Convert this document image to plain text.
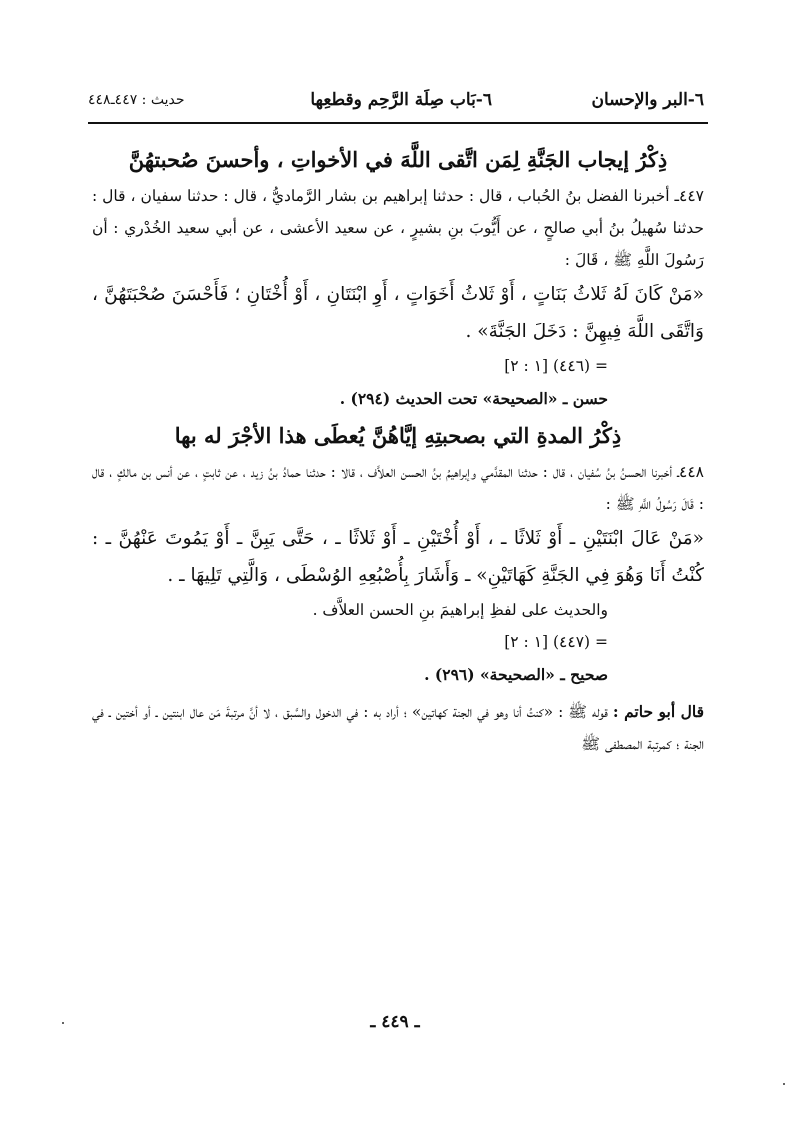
٦-البر والإحسان
٦-بَاب صِلَة الرَّحِم وقطعِها
حديث : ٤٤٧ـ٤٤٨

ذِكْرُ إيجاب الجَنَّةِ لِمَن اتَّقى اللَّهَ في الأخواتِ ، وأحسنَ صُحبتهُنَّ

٤٤٧ـ أخبرنا الفضل بنُ الحُباب ، قال : حدثنا إبراهيم بن بشار الرَّماديُّ ، قال : حدثنا سفيان ، قال : حدثنا سُهيلُ بنُ أبي صالحٍ ، عن أَيُّوبَ بنِ بشيرٍ ، عن سعيد الأعشى ، عن أبي سعيد الخُدْري : أن رَسُولَ اللَّهِ ﷺ ، قَالَ :

«مَنْ كَانَ لَهُ ثَلاثُ بَنَاتٍ ، أَوْ ثَلاثُ أَخَوَاتٍ ، أَوِ ابْنَتَانِ ، أَوْ أُخْتَانِ ؛ فَأَحْسَنَ صُحْبَتَهُنَّ ، وَاتَّقَى اللَّهَ فِيهِنَّ : دَخَلَ الجَنَّةَ» .

= (٤٤٦) [١ : ٢]

حسن ـ «الصحيحة» تحت الحديث (٢٩٤) .

ذِكْرُ المدةِ التي بصحبتِهِ إيَّاهُنَّ يُعطَى هذا الأجْرَ له بها

٤٤٨ـ أخبرنا الحسنُ بنُ سُفيان ، قال : حدثنا المقدَّمي وإبراهيمُ بنُ الحسن العلاَّف ، قالا : حدثنا حمادُ بنُ زيد ، عن ثابتٍ ، عن أنس بن مالكٍ ، قال : قَالَ رَسُولُ اللَّهِ ﷺ :

«مَنْ عَالَ ابْنَتَيْنِ ـ أَوْ ثَلاثًا ـ ، أَوْ أُخْتَيْنِ ـ أَوْ ثَلاثًا ـ ، حَتَّى يَبِنَّ ـ أَوْ يَمُوتَ عَنْهُنَّ ـ : كُنْتُ أَنَا وَهُوَ فِي الجَنَّةِ كَهَاتَيْنِ» ـ وَأَشَارَ بِأُصْبُعِهِ الوُسْطَى ، وَالَّتِي تَلِيهَا ـ .

والحديث على لفظِ إبراهيمَ بنِ الحسن العلاَّف .

= (٤٤٧) [١ : ٢]

صحيح ـ «الصحيحة» (٢٩٦) .

قال أبو حاتم : قوله ﷺ : «كنتُ أنا وهو في الجنة كهاتين» ؛ أراد به : في الدخول والسَّبق ، لا أنَّ مرتبةَ مَن عال ابنتين ـ أو أختين ـ في الجنة ؛ كمرتبة المصطفى ﷺ

ـ ٤٤٩ ـ
